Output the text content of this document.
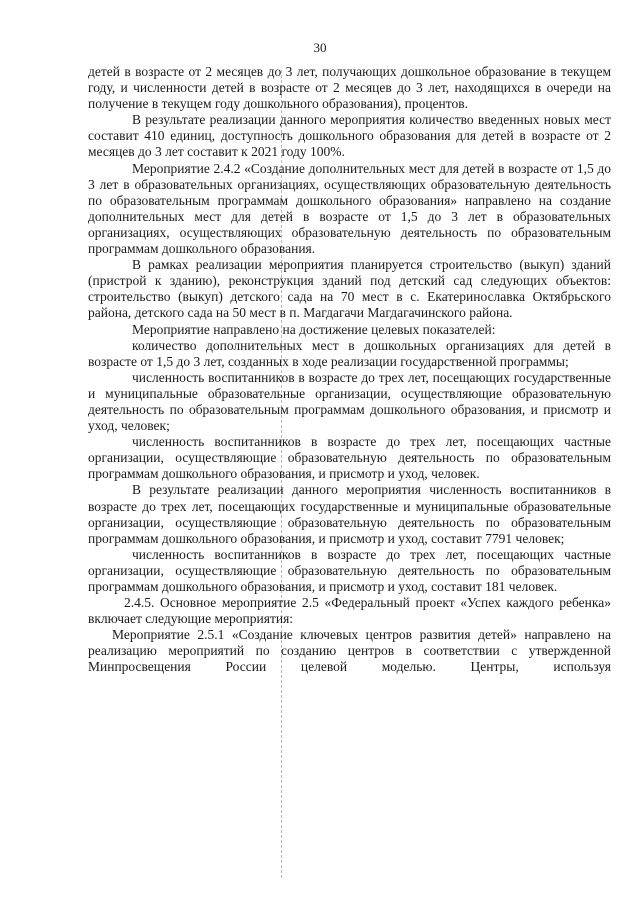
30

детей в возрасте от 2 месяцев до 3 лет, получающих дошкольное образование в текущем году, и численности детей в возрасте от 2 месяцев до 3 лет, находящихся в очереди на получение в текущем году дошкольного образования), процентов.

В результате реализации данного мероприятия количество введенных новых мест составит 410 единиц, доступность дошкольного образования для детей в возрасте от 2 месяцев до 3 лет составит к 2021 году 100%.

Мероприятие 2.4.2 «Создание дополнительных мест для детей в возрасте от 1,5 до 3 лет в образовательных организациях, осуществляющих образовательную деятельность по образовательным программам дошкольного образования» направлено на создание дополнительных мест для детей в возрасте от 1,5 до 3 лет в образовательных организациях, осуществляющих образовательную деятельность по образовательным программам дошкольного образования.

В рамках реализации мероприятия планируется строительство (выкуп) зданий (пристрой к зданию), реконструкция зданий под детский сад следующих объектов: строительство (выкуп) детского сада на 70 мест в с. Екатеринославка Октябрьского района, детского сада на 50 мест в п. Магдагачи Магдагачинского района.

Мероприятие направлено на достижение целевых показателей:

количество дополнительных мест в дошкольных организациях для детей в возрасте от 1,5 до 3 лет, созданных в ходе реализации государственной программы;

численность воспитанников в возрасте до трех лет, посещающих государственные и муниципальные образовательные организации, осуществляющие образовательную деятельность по образовательным программам дошкольного образования, и присмотр и уход, человек;

численность воспитанников в возрасте до трех лет, посещающих частные организации, осуществляющие образовательную деятельность по образовательным программам дошкольного образования, и присмотр и уход, человек.

В результате реализации данного мероприятия численность воспитанников в возрасте до трех лет, посещающих государственные и муниципальные образовательные организации, осуществляющие образовательную деятельность по образовательным программам дошкольного образования, и присмотр и уход, составит 7791 человек;

численность воспитанников в возрасте до трех лет, посещающих частные организации, осуществляющие образовательную деятельность по образовательным программам дошкольного образования, и присмотр и уход, составит 181 человек.

2.4.5. Основное мероприятие 2.5 «Федеральный проект «Успех каждого ребенка» включает следующие мероприятия:

Мероприятие 2.5.1 «Создание ключевых центров развития детей» направлено на реализацию мероприятий по созданию центров в соответствии с утвержденной Минпросвещения России целевой моделью. Центры, используя
